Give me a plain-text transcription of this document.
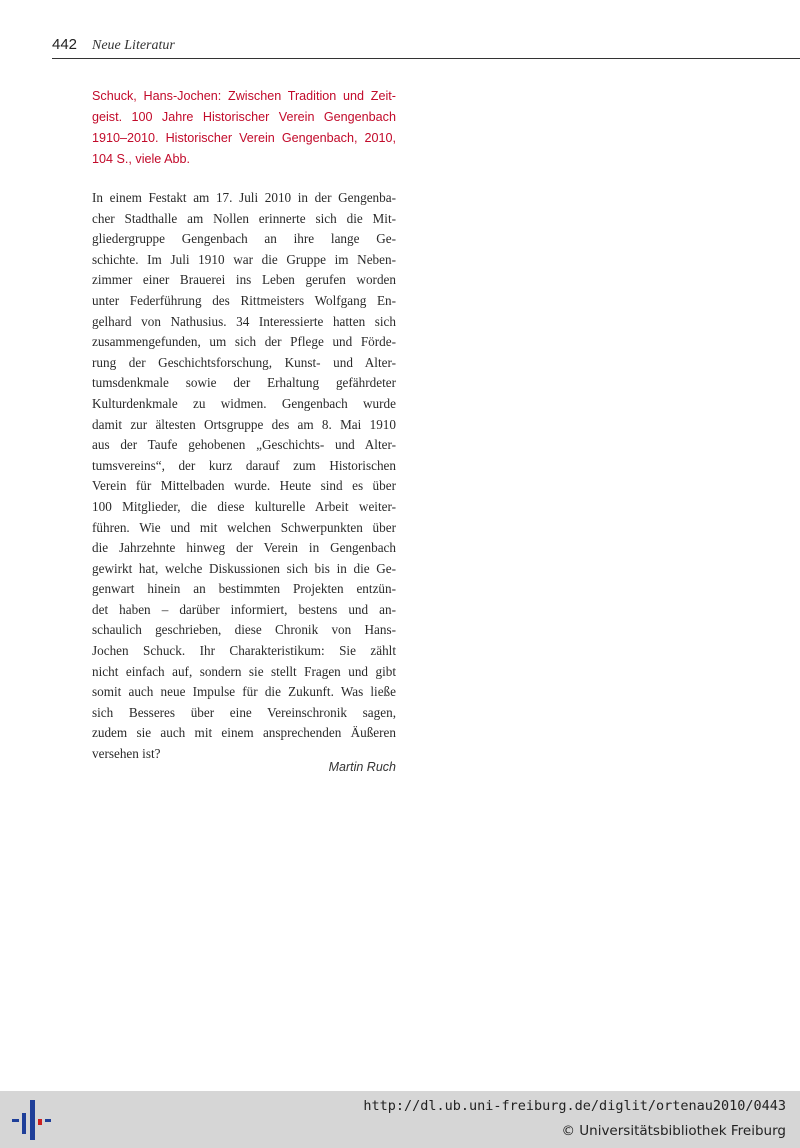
442 Neue Literatur
Schuck, Hans-Jochen: Zwischen Tradition und Zeit-
geist. 100 Jahre Historischer Verein Gengenbach
1910–2010. Historischer Verein Gengenbach, 2010,
104 S., viele Abb.
In einem Festakt am 17. Juli 2010 in der Gengenba-
cher Stadthalle am Nollen erinnerte sich die Mit-
gliedergruppe Gengenbach an ihre lange Ge-
schichte. Im Juli 1910 war die Gruppe im Neben-
zimmer einer Brauerei ins Leben gerufen worden
unter Federführung des Rittmeisters Wolfgang En-
gelhard von Nathusius. 34 Interessierte hatten sich
zusammengefunden, um sich der Pflege und Förde-
rung der Geschichtsforschung, Kunst- und Alter-
tumsdenkmale sowie der Erhaltung gefährdeter
Kulturdenkmale zu widmen. Gengenbach wurde
damit zur ältesten Ortsgruppe des am 8. Mai 1910
aus der Taufe gehobenen „Geschichts- und Alter-
tumsvereins“, der kurz darauf zum Historischen
Verein für Mittelbaden wurde. Heute sind es über
100 Mitglieder, die diese kulturelle Arbeit weiter-
führen. Wie und mit welchen Schwerpunkten über
die Jahrzehnte hinweg der Verein in Gengenbach
gewirkt hat, welche Diskussionen sich bis in die Ge-
genwart hinein an bestimmten Projekten entzün-
det haben – darüber informiert, bestens und an-
schaulich geschrieben, diese Chronik von Hans-
Jochen Schuck. Ihr Charakteristikum: Sie zählt
nicht einfach auf, sondern sie stellt Fragen und gibt
somit auch neue Impulse für die Zukunft. Was ließe
sich Besseres über eine Vereinschronik sagen,
zudem sie auch mit einem ansprechenden Äußeren
versehen ist?
Martin Ruch
http://dl.ub.uni-freiburg.de/diglit/ortenau2010/0443
© Universitätsbibliothek Freiburg
